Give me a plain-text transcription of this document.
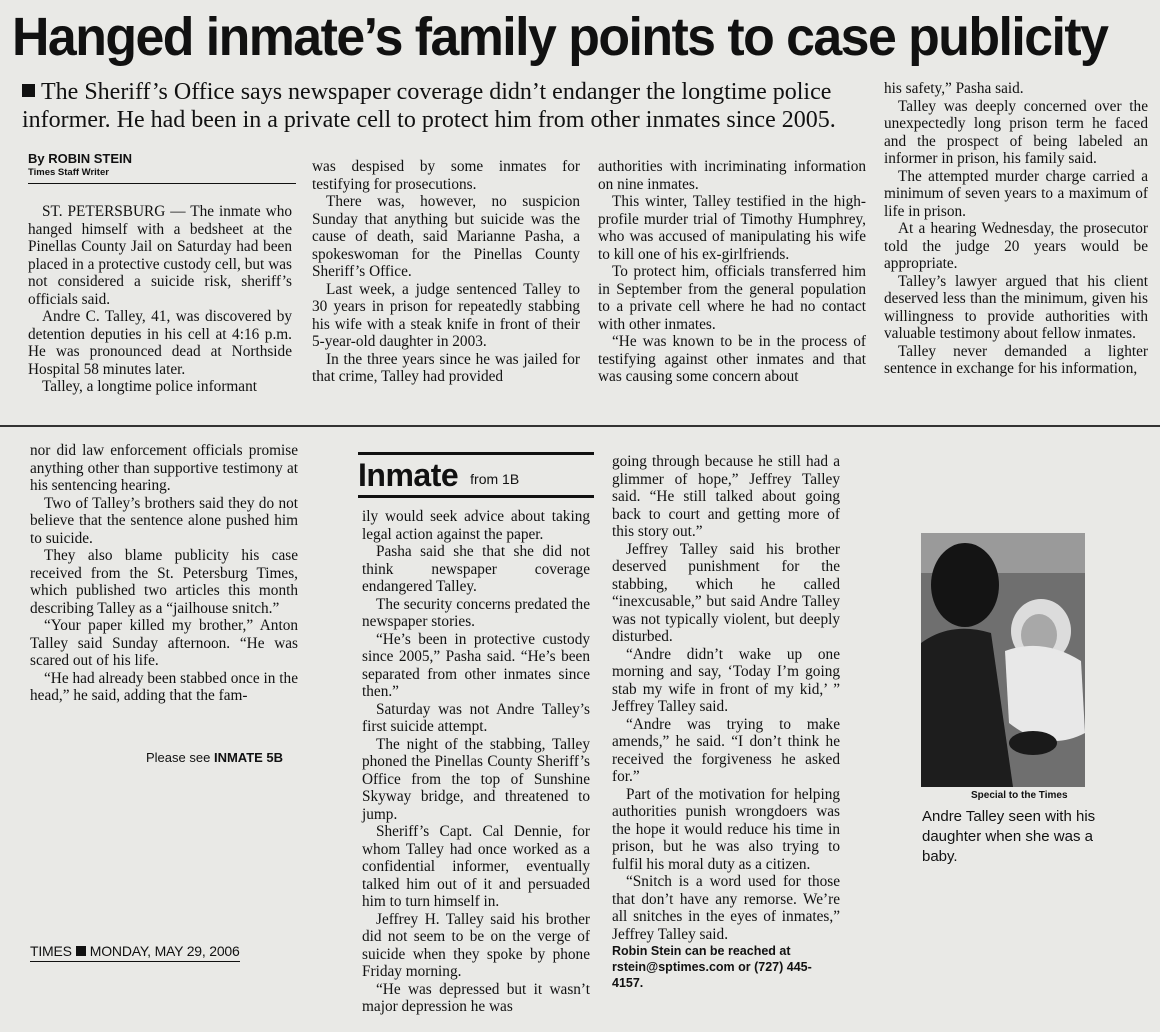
Hanged inmate’s family points to case publicity
The Sheriff’s Office says newspaper coverage didn’t endanger the longtime police informer. He had been in a private cell to protect him from other inmates since 2005.
By ROBIN STEIN
Times Staff Writer

ST. PETERSBURG — The inmate who hanged himself with a bedsheet at the Pinellas County Jail on Saturday had been placed in a protective custody cell, but was not considered a suicide risk, sheriff’s officials said.

Andre C. Talley, 41, was discovered by detention deputies in his cell at 4:16 p.m. He was pronounced dead at Northside Hospital 58 minutes later.

Talley, a longtime police informant

was despised by some inmates for testifying for prosecutions.

There was, however, no suspicion Sunday that anything but suicide was the cause of death, said Marianne Pasha, a spokeswoman for the Pinellas County Sheriff’s Office.

Last week, a judge sentenced Talley to 30 years in prison for repeatedly stabbing his wife with a steak knife in front of their 5-year-old daughter in 2003.

In the three years since he was jailed for that crime, Talley had provided

authorities with incriminating information on nine inmates.

This winter, Talley testified in the high-profile murder trial of Timothy Humphrey, who was accused of manipulating his wife to kill one of his ex-girlfriends.

To protect him, officials transferred him in September from the general population to a private cell where he had no contact with other inmates.

“He was known to be in the process of testifying against other inmates and that was causing some concern about

his safety,” Pasha said.

Talley was deeply concerned over the unexpectedly long prison term he faced and the prospect of being labeled an informer in prison, his family said.

The attempted murder charge carried a minimum of seven years to a maximum of life in prison.

At a hearing Wednesday, the prosecutor told the judge 20 years would be appropriate.

Talley’s lawyer argued that his client deserved less than the minimum, given his willingness to provide authorities with valuable testimony about fellow inmates.

Talley never demanded a lighter sentence in exchange for his information,

nor did law enforcement officials promise anything other than supportive testimony at his sentencing hearing.

Two of Talley’s brothers said they do not believe that the sentence alone pushed him to suicide.

They also blame publicity his case received from the St. Petersburg Times, which published two articles this month describing Talley as a “jailhouse snitch.”

“Your paper killed my brother,” Anton Talley said Sunday afternoon. “He was scared out of his life.

“He had already been stabbed once in the head,” he said, adding that the fam-

Inmate from 1B

ily would seek advice about taking legal action against the paper.

Pasha said she that she did not think newspaper coverage endangered Talley.

The security concerns predated the newspaper stories.

“He’s been in protective custody since 2005,” Pasha said. “He’s been separated from other inmates since then.”

Saturday was not Andre Talley’s first suicide attempt.

The night of the stabbing, Talley phoned the Pinellas County Sheriff’s Office from the top of Sunshine Skyway bridge, and threatened to jump.

Sheriff’s Capt. Cal Dennie, for whom Talley had once worked as a confidential informer, eventually talked him out of it and persuaded him to turn himself in.

Jeffrey H. Talley said his brother did not seem to be on the verge of suicide when they spoke by phone Friday morning.

“He was depressed but it wasn’t major depression he was

going through because he still had a glimmer of hope,” Jeffrey Talley said. “He still talked about going back to court and getting more of this story out.”

Jeffrey Talley said his brother deserved punishment for the stabbing, which he called “inexcusable,” but said Andre Talley was not typically violent, but deeply disturbed.

“Andre didn’t wake up one morning and say, ‘Today I’m going stab my wife in front of my kid,’ ” Jeffrey Talley said.

“Andre was trying to make amends,” he said. “I don’t think he received the forgiveness he asked for.”

Part of the motivation for helping authorities punish wrongdoers was the hope it would reduce his time in prison, but he was also trying to fulfil his moral duty as a citizen.

“Snitch is a word used for those that don’t have any remorse. We’re all snitches in the eyes of inmates,” Jeffrey Talley said.

Robin Stein can be reached at rstein@sptimes.com or (727) 445-4157.

Please see INMATE 5B
Special to the Times
Andre Talley seen with his daughter when she was a baby.
TIMES MONDAY, MAY 29, 2006
